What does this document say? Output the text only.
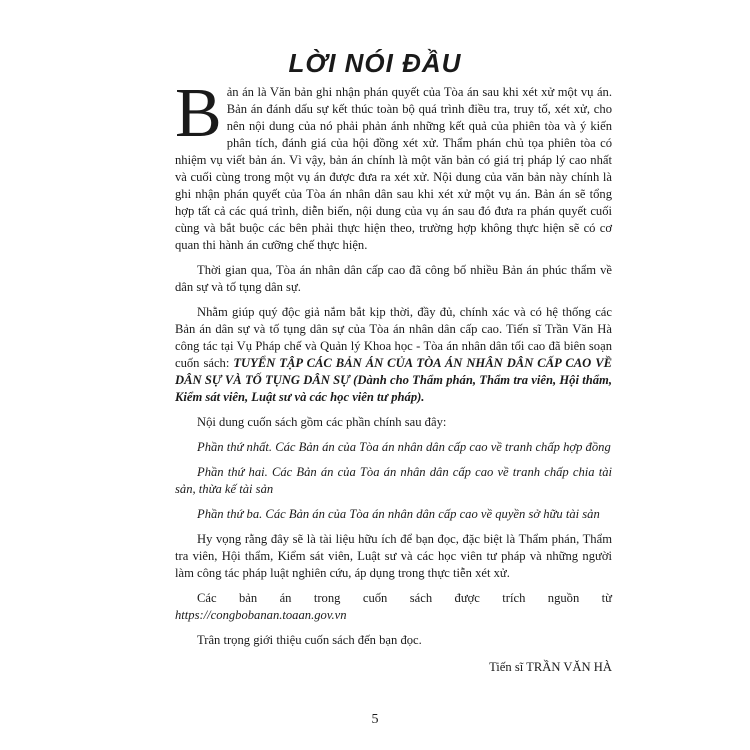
LỜI NÓI ĐẦU

Bản án là Văn bản ghi nhận phán quyết của Tòa án sau khi xét xử một vụ án. Bản án đánh dấu sự kết thúc toàn bộ quá trình điều tra, truy tố, xét xử, cho nên nội dung của nó phải phản ánh những kết quả của phiên tòa và ý kiến phân tích, đánh giá của hội đồng xét xử. Thẩm phán chủ tọa phiên tòa có nhiệm vụ viết bản án. Vì vậy, bản án chính là một văn bản có giá trị pháp lý cao nhất và cuối cùng trong một vụ án được đưa ra xét xử. Nội dung của văn bản này chính là ghi nhận phán quyết của Tòa án nhân dân sau khi xét xử một vụ án. Bản án sẽ tổng hợp tất cả các quá trình, diễn biến, nội dung của vụ án sau đó đưa ra phán quyết cuối cùng và bắt buộc các bên phải thực hiện theo, trường hợp không thực hiện sẽ có cơ quan thi hành án cưỡng chế thực hiện.

Thời gian qua, Tòa án nhân dân cấp cao đã công bố nhiều Bản án phúc thẩm về dân sự và tố tụng dân sự.

Nhằm giúp quý độc giả nắm bắt kịp thời, đầy đủ, chính xác và có hệ thống các Bản án dân sự và tố tụng dân sự của Tòa án nhân dân cấp cao. Tiến sĩ Trần Văn Hà công tác tại Vụ Pháp chế và Quản lý Khoa học - Tòa án nhân dân tối cao đã biên soạn cuốn sách: TUYỂN TẬP CÁC BẢN ÁN CỦA TÒA ÁN NHÂN DÂN CẤP CAO VỀ DÂN SỰ VÀ TỐ TỤNG DÂN SỰ (Dành cho Thẩm phán, Thẩm tra viên, Hội thẩm, Kiểm sát viên, Luật sư và các học viên tư pháp).

Nội dung cuốn sách gồm các phần chính sau đây:

Phần thứ nhất. Các Bản án của Tòa án nhân dân cấp cao về tranh chấp hợp đồng

Phần thứ hai. Các Bản án của Tòa án nhân dân cấp cao về tranh chấp chia tài sản, thừa kế tài sản

Phần thứ ba. Các Bản án của Tòa án nhân dân cấp cao về quyền sở hữu tài sản

Hy vọng rằng đây sẽ là tài liệu hữu ích để bạn đọc, đặc biệt là Thẩm phán, Thẩm tra viên, Hội thẩm, Kiểm sát viên, Luật sư và các học viên tư pháp và những người làm công tác pháp luật nghiên cứu, áp dụng trong thực tiễn xét xử.

Các bản án trong cuốn sách được trích nguồn từ https://congbobanan.toaan.gov.vn

Trân trọng giới thiệu cuốn sách đến bạn đọc.

Tiến sĩ TRẦN VĂN HÀ
5
